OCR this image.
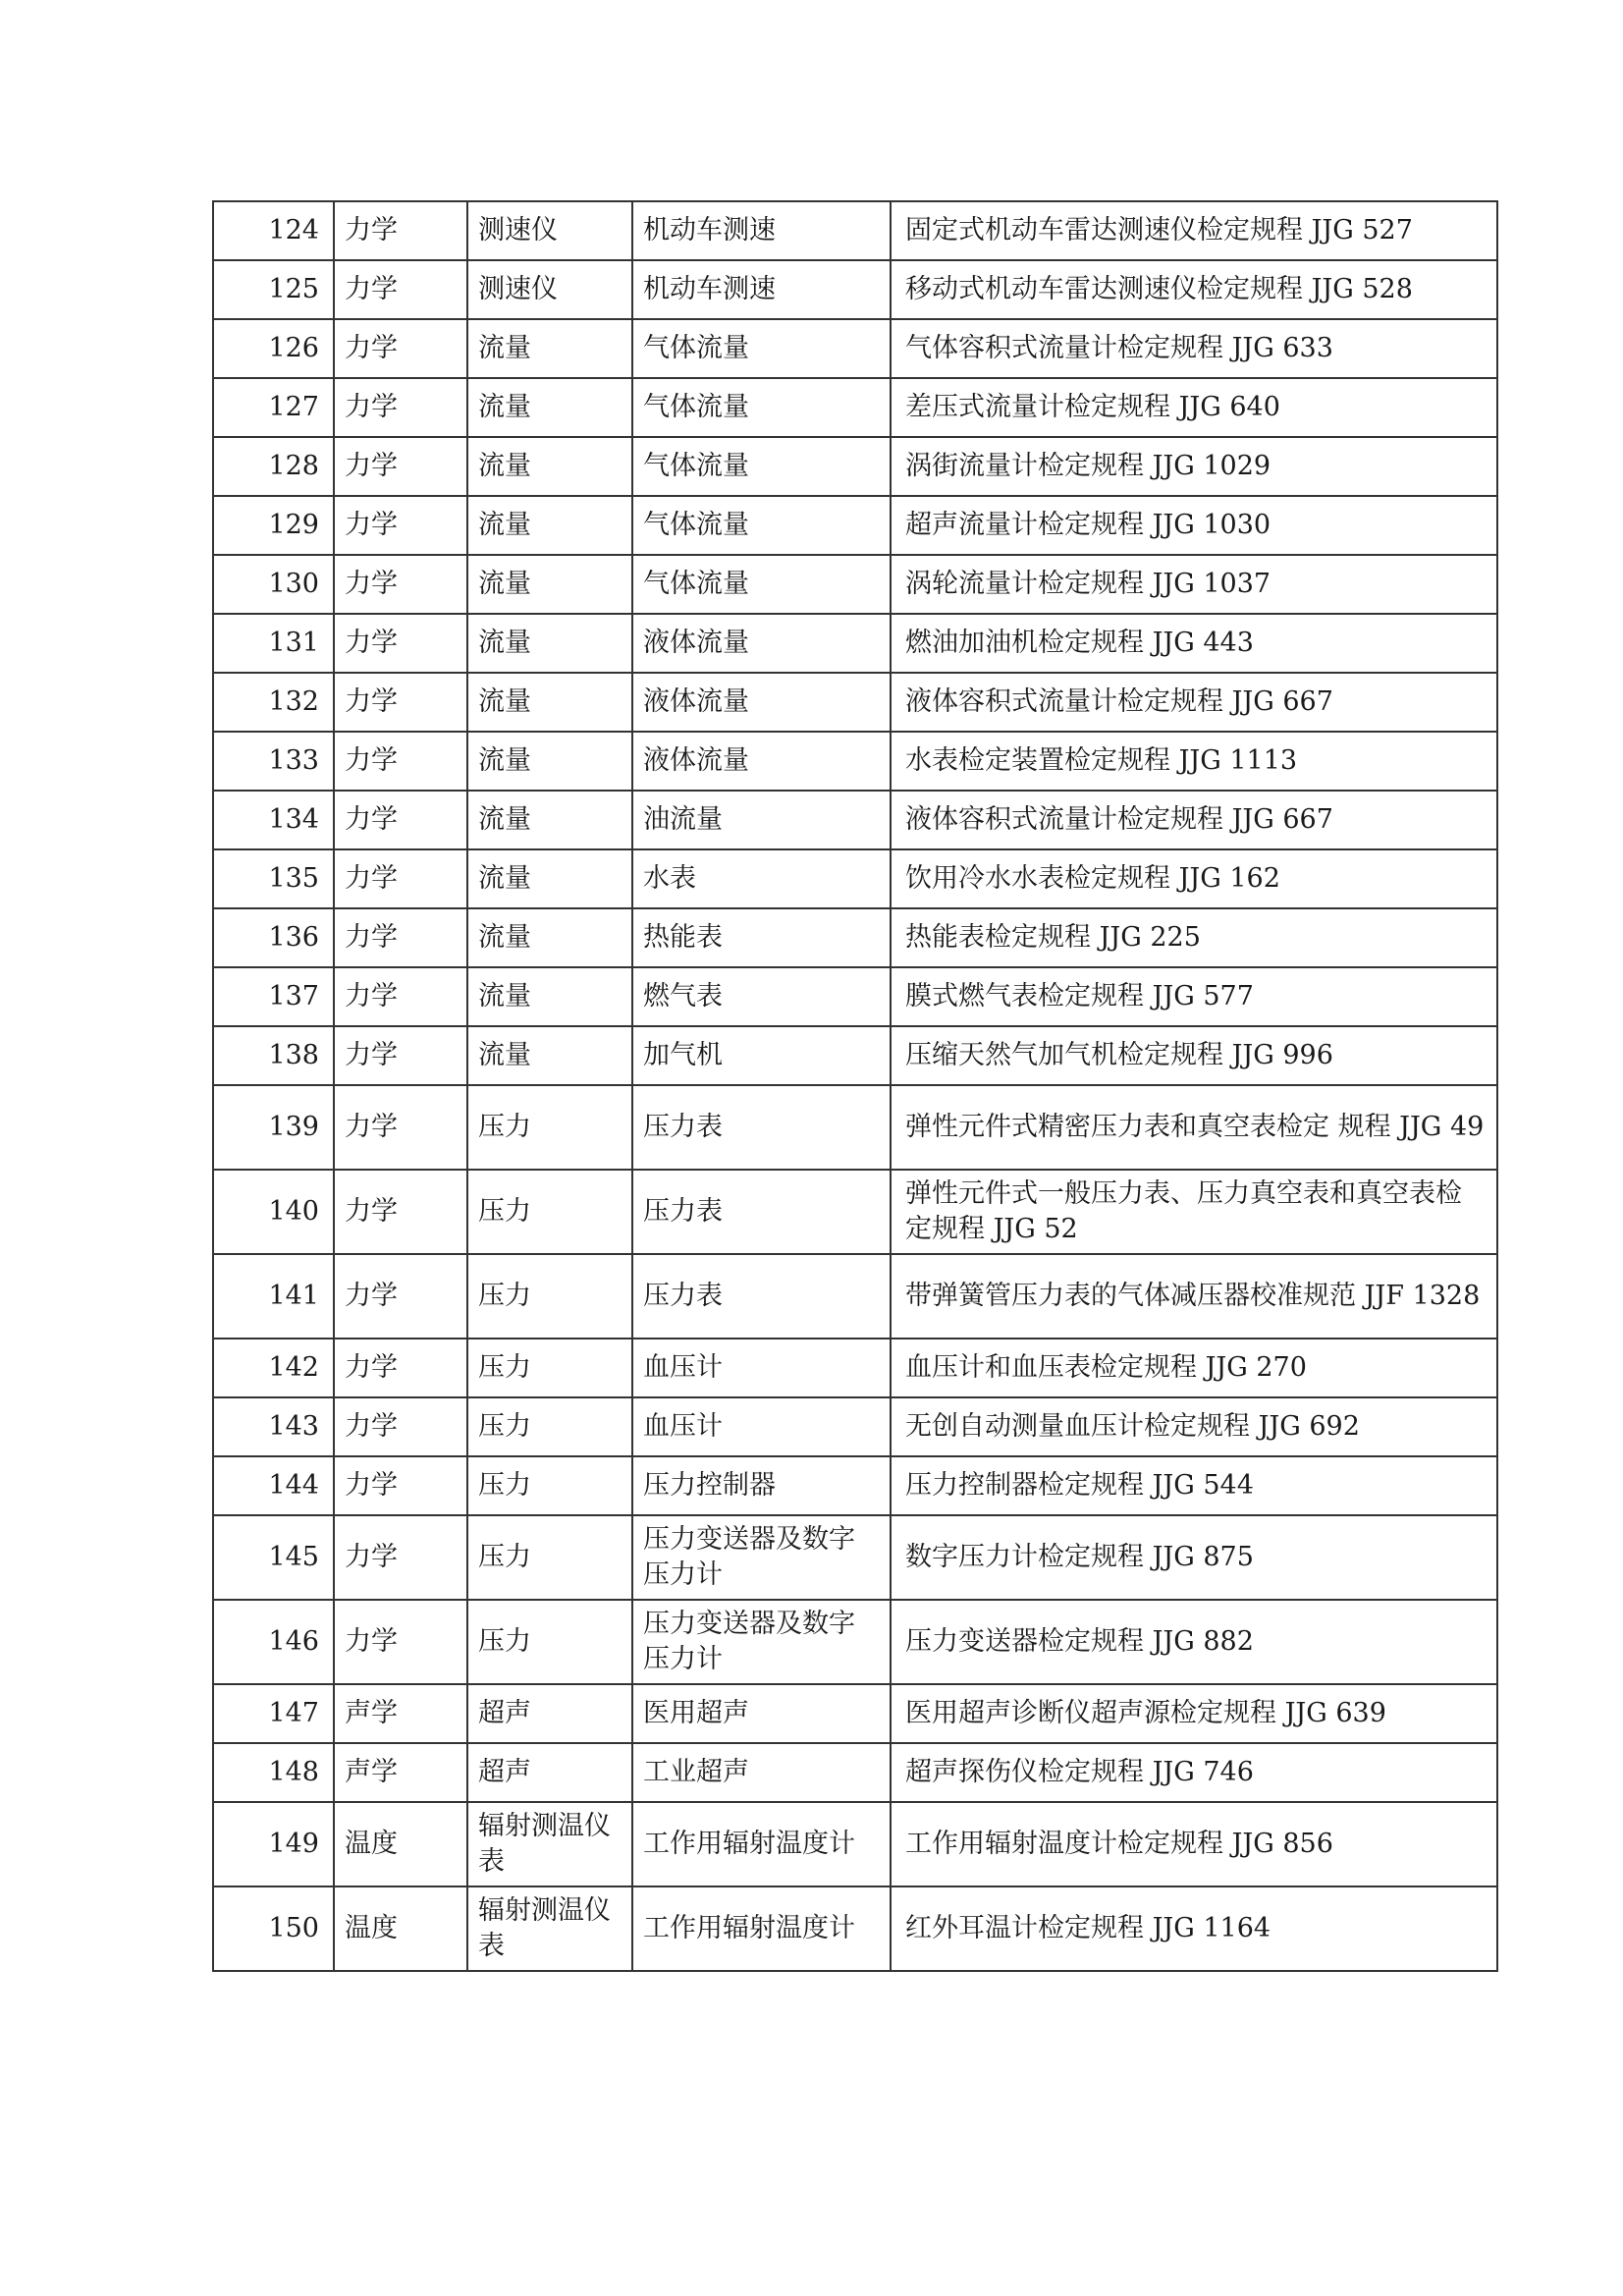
124	力学	测速仪	机动车测速	固定式机动车雷达测速仪检定规程 JJG 527
125	力学	测速仪	机动车测速	移动式机动车雷达测速仪检定规程 JJG 528
126	力学	流量	气体流量	气体容积式流量计检定规程 JJG 633
127	力学	流量	气体流量	差压式流量计检定规程 JJG 640
128	力学	流量	气体流量	涡街流量计检定规程 JJG 1029
129	力学	流量	气体流量	超声流量计检定规程 JJG 1030
130	力学	流量	气体流量	涡轮流量计检定规程 JJG 1037
131	力学	流量	液体流量	燃油加油机检定规程 JJG 443
132	力学	流量	液体流量	液体容积式流量计检定规程 JJG 667
133	力学	流量	液体流量	水表检定装置检定规程 JJG 1113
134	力学	流量	油流量	液体容积式流量计检定规程 JJG 667
135	力学	流量	水表	饮用冷水水表检定规程 JJG 162
136	力学	流量	热能表	热能表检定规程 JJG 225
137	力学	流量	燃气表	膜式燃气表检定规程 JJG 577
138	力学	流量	加气机	压缩天然气加气机检定规程 JJG 996
139	力学	压力	压力表	弹性元件式精密压力表和真空表检定 规程 JJG 49
140	力学	压力	压力表	弹性元件式一般压力表、压力真空表和真空表检定规程 JJG 52
141	力学	压力	压力表	带弹簧管压力表的气体减压器校准规范 JJF 1328
142	力学	压力	血压计	血压计和血压表检定规程 JJG 270
143	力学	压力	血压计	无创自动测量血压计检定规程 JJG 692
144	力学	压力	压力控制器	压力控制器检定规程 JJG 544
145	力学	压力	压力变送器及数字压力计	数字压力计检定规程 JJG 875
146	力学	压力	压力变送器及数字压力计	压力变送器检定规程 JJG 882
147	声学	超声	医用超声	医用超声诊断仪超声源检定规程 JJG 639
148	声学	超声	工业超声	超声探伤仪检定规程 JJG 746
149	温度	辐射测温仪表	工作用辐射温度计	工作用辐射温度计检定规程 JJG 856
150	温度	辐射测温仪表	工作用辐射温度计	红外耳温计检定规程 JJG 1164
